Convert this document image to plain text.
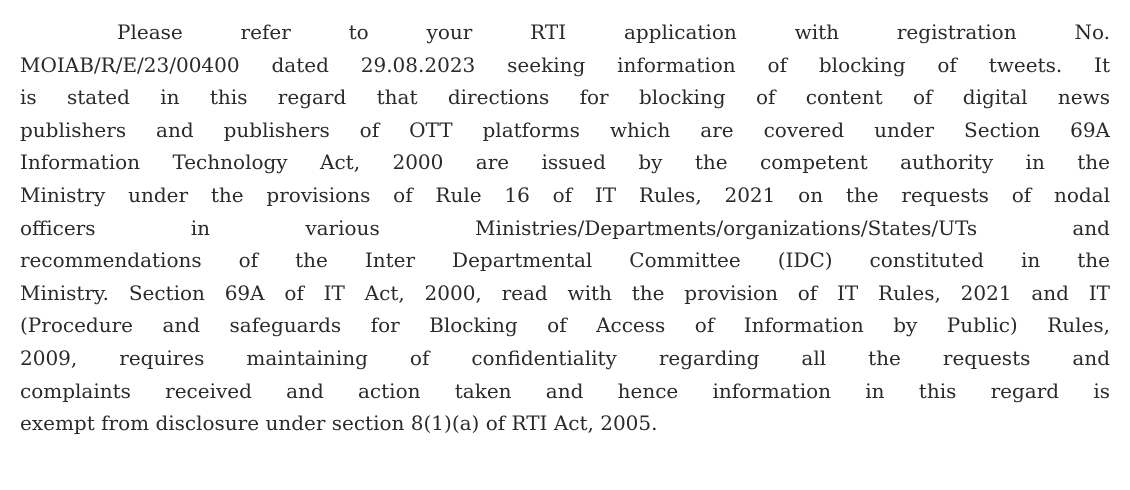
Please refer to your RTI application with registration No.
MOIAB/R/E/23/00400 dated 29.08.2023 seeking information of blocking of tweets. It
is stated in this regard that directions for blocking of content of digital news
publishers and publishers of OTT platforms which are covered under Section 69A
Information Technology Act, 2000 are issued by the competent authority in the
Ministry under the provisions of Rule 16 of IT Rules, 2021 on the requests of nodal
officers in various Ministries/Departments/organizations/States/UTs and
recommendations of the Inter Departmental Committee (IDC) constituted in the
Ministry. Section 69A of IT Act, 2000, read with the provision of IT Rules, 2021 and IT
(Procedure and safeguards for Blocking of Access of Information by Public) Rules,
2009, requires maintaining of confidentiality regarding all the requests and
complaints received and action taken and hence information in this regard is
exempt from disclosure under section 8(1)(a) of RTI Act, 2005.
